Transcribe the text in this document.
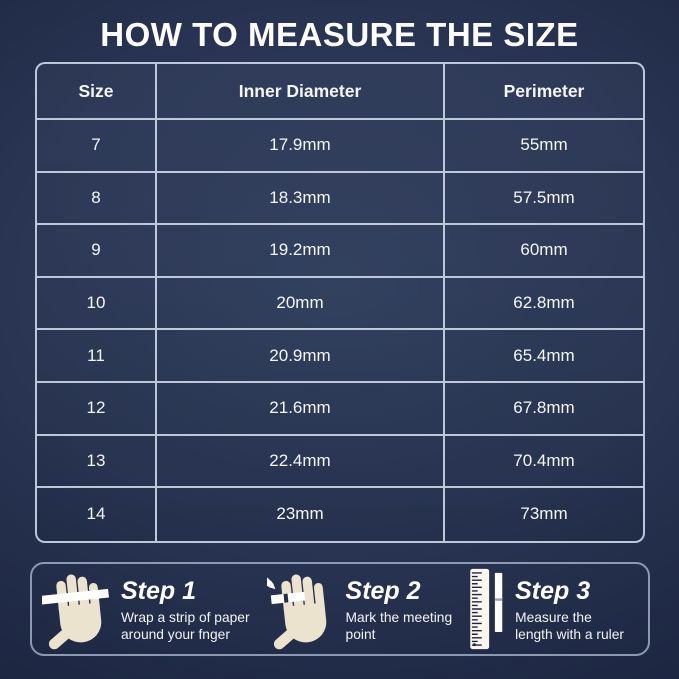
HOW TO MEASURE THE SIZE
Size	Inner Diameter	Perimeter
7	17.9mm	55mm
8	18.3mm	57.5mm
9	19.2mm	60mm
10	20mm	62.8mm
11	20.9mm	65.4mm
12	21.6mm	67.8mm
13	22.4mm	70.4mm
14	23mm	73mm
Step 1
Wrap a strip of paper
around your fnger
Step 2
Mark the meeting
point
Step 3
Measure the
length with a ruler
